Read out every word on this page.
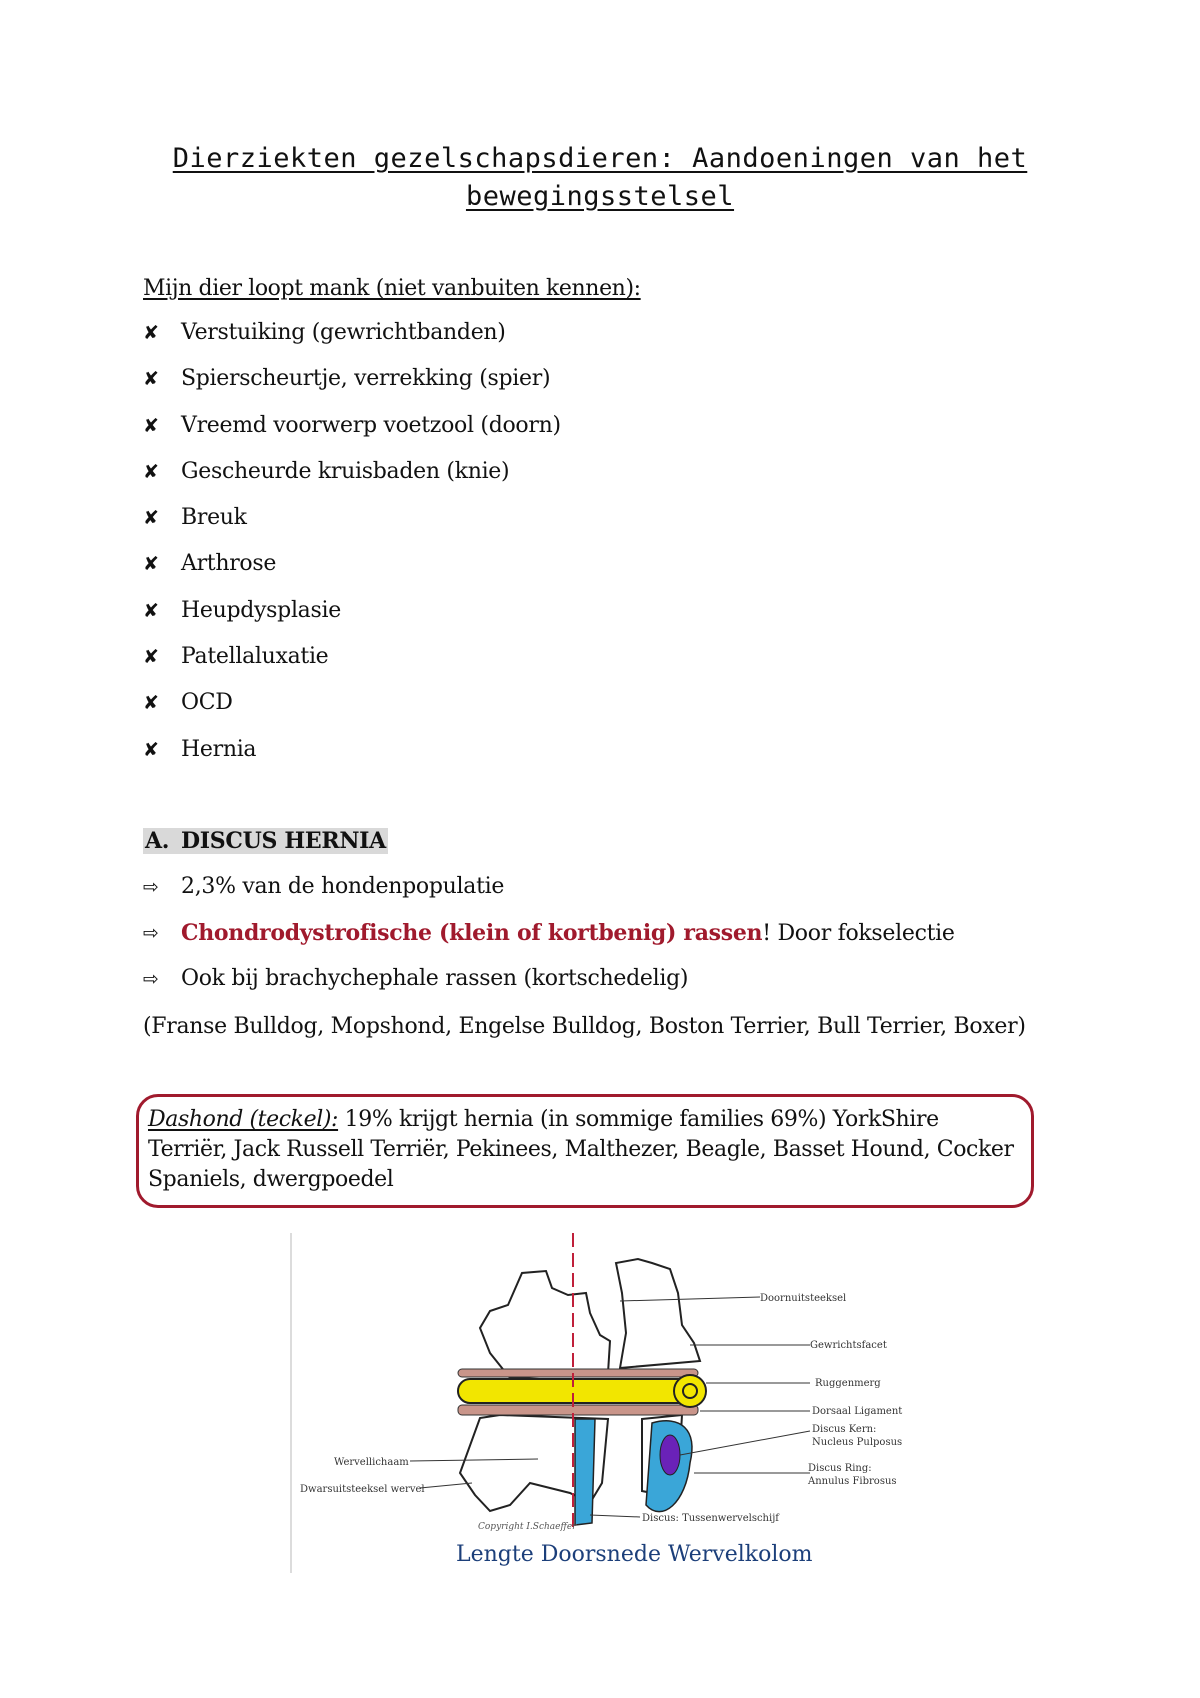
Dierziekten gezelschapsdieren: Aandoeningen van het
bewegingsstelsel
Mijn dier loopt mank (niet vanbuiten kennen):
✘	Verstuiking (gewrichtbanden)
✘	Spierscheurtje, verrekking (spier)
✘	Vreemd voorwerp voetzool (doorn)
✘	Gescheurde kruisbaden (knie)
✘	Breuk
✘	Arthrose
✘	Heupdysplasie
✘	Patellaluxatie
✘	OCD
✘	Hernia
A. DISCUS HERNIA
⇨	2,3% van de hondenpopulatie
⇨	Chondrodystrofische (klein of kortbenig) rassen! Door fokselectie
⇨	Ook bij brachychephale rassen (kortschedelig)
(Franse Bulldog, Mopshond, Engelse Bulldog, Boston Terrier, Bull Terrier, Boxer)
Dashond (teckel): 19% krijgt hernia (in sommige families 69%) YorkShire Terriër, Jack Russell Terriër, Pekinees, Malthezer, Beagle, Basset Hound, Cocker Spaniels, dwergpoedel
Doornuitsteeksel
Gewrichtsfacet
Ruggenmerg
Dorsaal Ligament
Discus Kern:
Nucleus Pulposus
Discus Ring:
Annulus Fibrosus
Wervellichaam
Dwarsuitsteeksel wervel
Discus: Tussenwervelschijf
Copyright I.Schaeffer
Lengte Doorsnede Wervelkolom
